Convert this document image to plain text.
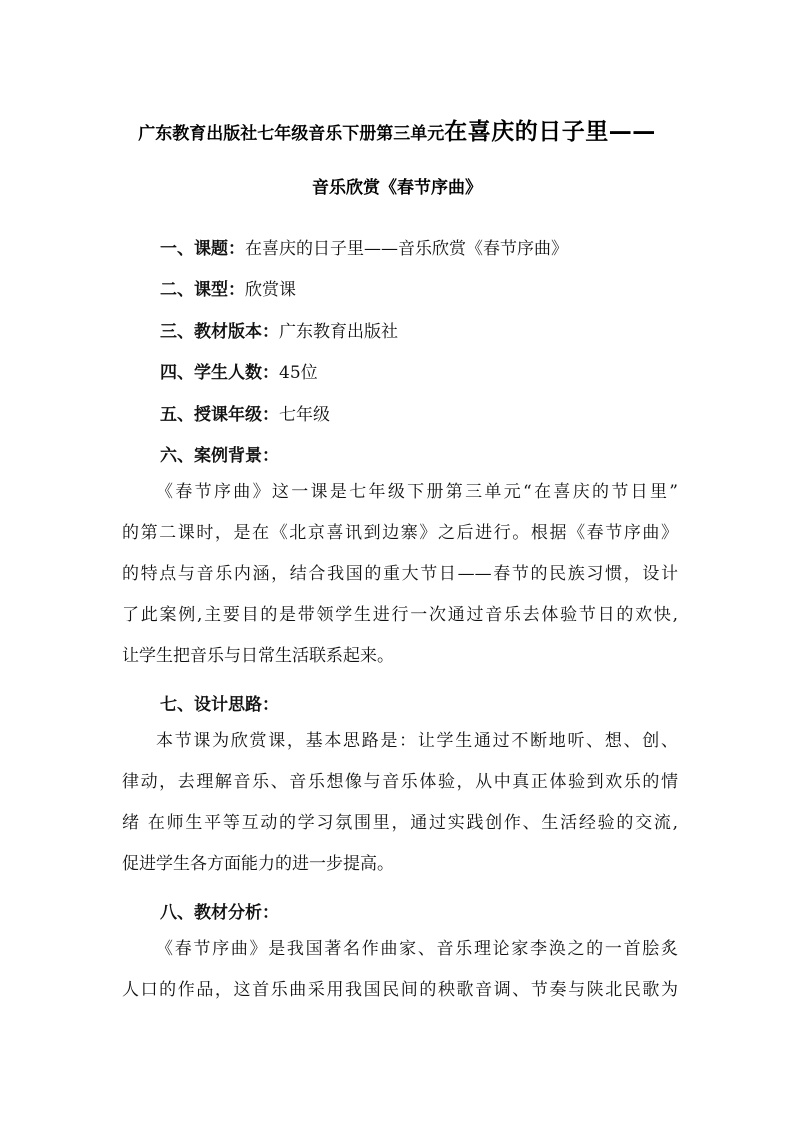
广东教育出版社七年级音乐下册第三单元在喜庆的日子里——
音乐欣赏《春节序曲》
一、课题：在喜庆的日子里——音乐欣赏《春节序曲》
二、课型：欣赏课
三、教材版本：广东教育出版社
四、学生人数：45位
五、授课年级：七年级
六、案例背景：
《春节序曲》这一课是七年级下册第三单元“在喜庆的节日里”
的第二课时，是在《北京喜讯到边寨》之后进行。根据《春节序曲》
的特点与音乐内涵，结合我国的重大节日——春节的民族习惯，设计
了此案例,主要目的是带领学生进行一次通过音乐去体验节日的欢快,
让学生把音乐与日常生活联系起来。
七、设计思路：
本节课为欣赏课，基本思路是：让学生通过不断地听、想、创、
律动，去理解音乐、音乐想像与音乐体验，从中真正体验到欢乐的情
绪 在师生平等互动的学习氛围里，通过实践创作、生活经验的交流,
促进学生各方面能力的进一步提高。
八、教材分析：
《春节序曲》是我国著名作曲家、音乐理论家李涣之的一首脍炙
人口的作品，这首乐曲采用我国民间的秧歌音调、节奏与陕北民歌为
